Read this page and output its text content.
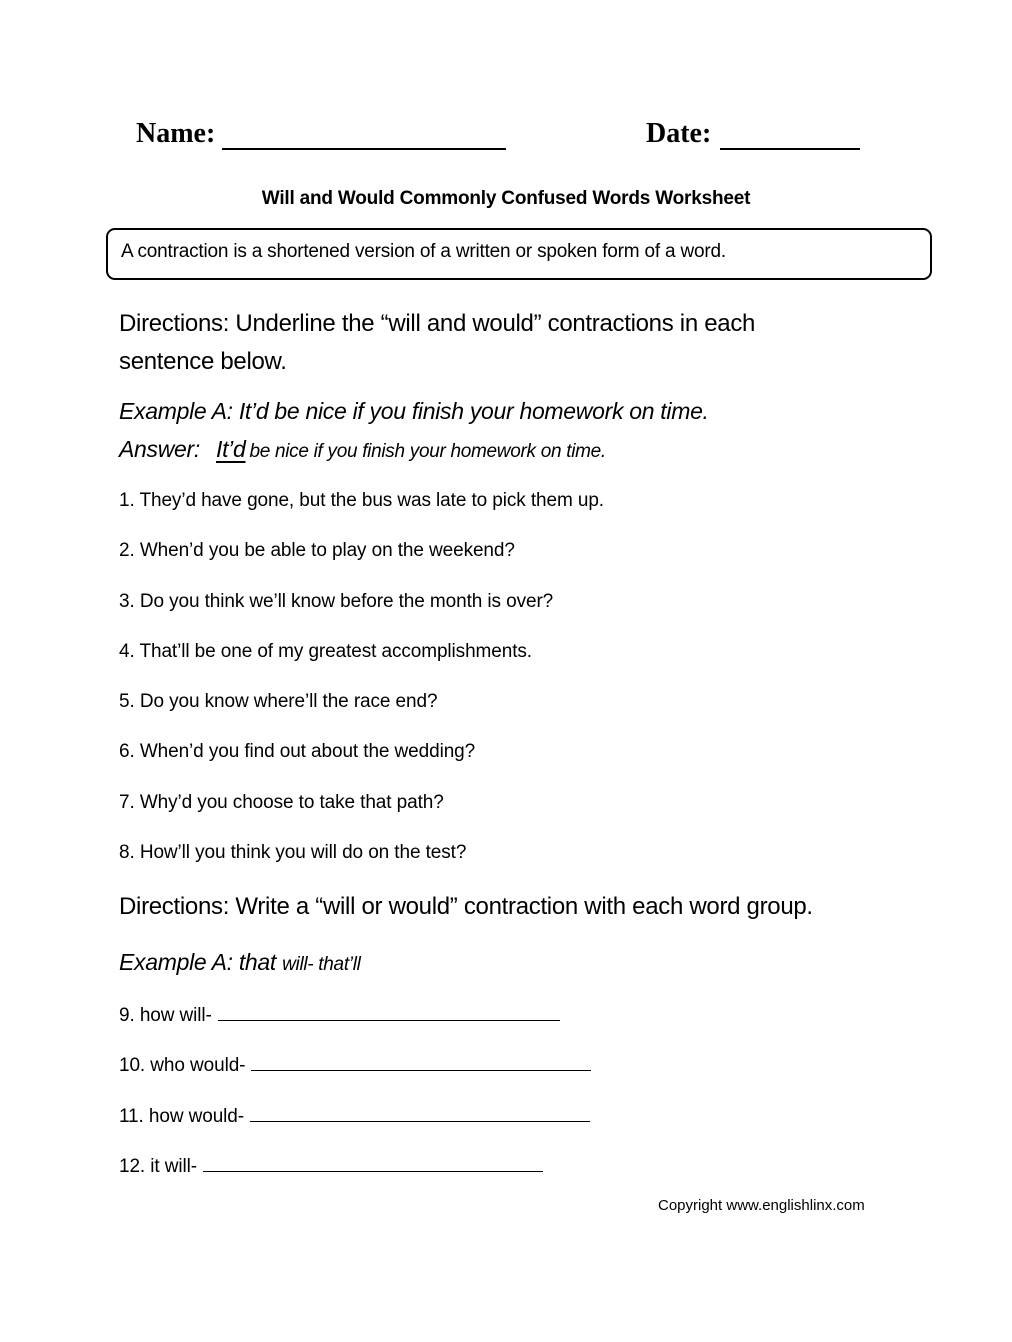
Name:	Date:
Will and Would Commonly Confused Words Worksheet
A contraction is a shortened version of a written or spoken form of a word.
Directions: Underline the “will and would” contractions in each sentence below.
Example A: It’d be nice if you finish your homework on time.
Answer: It’d be nice if you finish your homework on time.
1. They’d have gone, but the bus was late to pick them up.
2. When’d you be able to play on the weekend?
3. Do you think we’ll know before the month is over?
4. That’ll be one of my greatest accomplishments.
5. Do you know where’ll the race end?
6. When’d you find out about the wedding?
7. Why’d you choose to take that path?
8. How’ll you think you will do on the test?
Directions: Write a “will or would” contraction with each word group.
Example A: that will- that’ll
9. how will-
10. who would-
11. how would-
12. it will-
Copyright www.englishlinx.com
